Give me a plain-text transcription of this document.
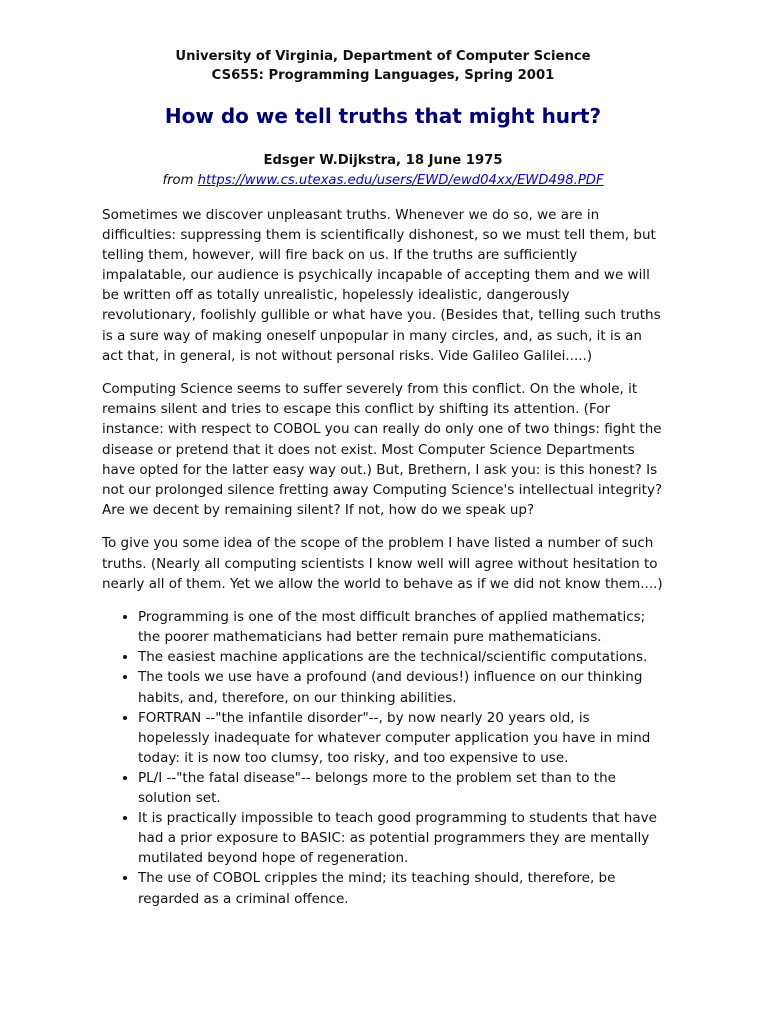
University of Virginia, Department of Computer Science
CS655: Programming Languages, Spring 2001
How do we tell truths that might hurt?
Edsger W.Dijkstra, 18 June 1975
from https://www.cs.utexas.edu/users/EWD/ewd04xx/EWD498.PDF

Sometimes we discover unpleasant truths. Whenever we do so, we are in difficulties: suppressing them is scientifically dishonest, so we must tell them, but telling them, however, will fire back on us. If the truths are sufficiently impalatable, our audience is psychically incapable of accepting them and we will be written off as totally unrealistic, hopelessly idealistic, dangerously revolutionary, foolishly gullible or what have you. (Besides that, telling such truths is a sure way of making oneself unpopular in many circles, and, as such, it is an act that, in general, is not without personal risks. Vide Galileo Galilei.....)

Computing Science seems to suffer severely from this conflict. On the whole, it remains silent and tries to escape this conflict by shifting its attention. (For instance: with respect to COBOL you can really do only one of two things: fight the disease or pretend that it does not exist. Most Computer Science Departments have opted for the latter easy way out.) But, Brethern, I ask you: is this honest? Is not our prolonged silence fretting away Computing Science's intellectual integrity? Are we decent by remaining silent? If not, how do we speak up?

To give you some idea of the scope of the problem I have listed a number of such truths. (Nearly all computing scientists I know well will agree without hesitation to nearly all of them. Yet we allow the world to behave as if we did not know them....)

• Programming is one of the most difficult branches of applied mathematics; the poorer mathematicians had better remain pure mathematicians.
• The easiest machine applications are the technical/scientific computations.
• The tools we use have a profound (and devious!) influence on our thinking habits, and, therefore, on our thinking abilities.
• FORTRAN --"the infantile disorder"--, by now nearly 20 years old, is hopelessly inadequate for whatever computer application you have in mind today: it is now too clumsy, too risky, and too expensive to use.
• PL/I --"the fatal disease"-- belongs more to the problem set than to the solution set.
• It is practically impossible to teach good programming to students that have had a prior exposure to BASIC: as potential programmers they are mentally mutilated beyond hope of regeneration.
• The use of COBOL cripples the mind; its teaching should, therefore, be regarded as a criminal offence.
